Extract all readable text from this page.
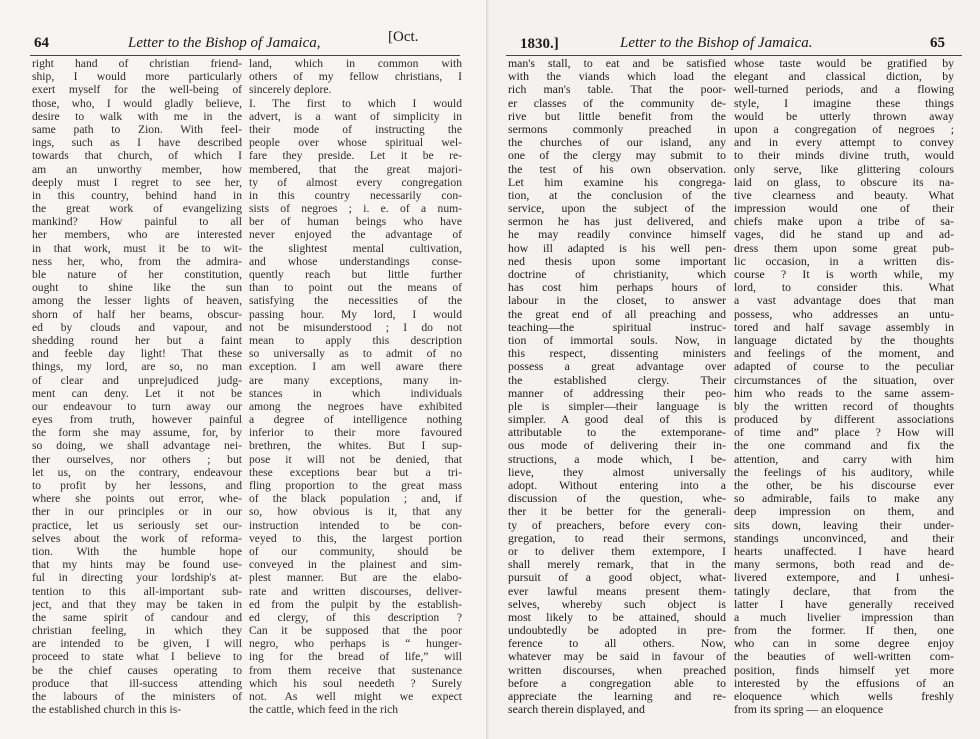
64	Letter to the Bishop of Jamaica,	[Oct.
right hand of christian friend-
ship, I would more particularly
exert myself for the well-being of
those, who, I would gladly believe,
desire to walk with me in the
same path to Zion. With feel-
ings, such as I have described
towards that church, of which I
am an unworthy member, how
deeply must I regret to see her,
in this country, behind hand in
the great work of evangelizing
mankind? How painful to all
her members, who are interested
in that work, must it be to wit-
ness her, who, from the admira-
ble nature of her constitution,
ought to shine like the sun
among the lesser lights of heaven,
shorn of half her beams, obscur-
ed by clouds and vapour, and
shedding round her but a faint
and feeble day light! That these
things, my lord, are so, no man
of clear and unprejudiced judg-
ment can deny. Let it not be
our endeavour to turn away our
eyes from truth, however painful
the form she may assume, for, by
so doing, we shall advantage nei-
ther ourselves, nor others ; but
let us, on the contrary, endeavour
to profit by her lessons, and
where she points out error, whe-
ther in our principles or in our
practice, let us seriously set our-
selves about the work of reforma-
tion. With the humble hope
that my hints may be found use-
ful in directing your lordship's at-
tention to this all-important sub-
ject, and that they may be taken in
the same spirit of candour and
christian feeling, in which they
are intended to be given, I will
proceed to state what I believe to
be the chief causes operating to
produce that ill-success attending
the labours of the ministers of
the established church in this is-
land, which in common with
others of my fellow christians, I
sincerely deplore.
I. The first to which I would
advert, is a want of simplicity in
their mode of instructing the
people over whose spiritual wel-
fare they preside. Let it be re-
membered, that the great majori-
ty of almost every congregation
in this country necessarily con-
sists of negroes ; i. e. of a num-
ber of human beings who have
never enjoyed the advantage of
the slightest mental cultivation,
and whose understandings conse-
quently reach but little further
than to point out the means of
satisfying the necessities of the
passing hour. My lord, I would
not be misunderstood ; I do not
mean to apply this description
so universally as to admit of no
exception. I am well aware there
are many exceptions, many in-
stances in which individuals
among the negroes have exhibited
a degree of intelligence nothing
inferior to their more favoured
brethren, the whites. But I sup-
pose it will not be denied, that
these exceptions bear but a tri-
fling proportion to the great mass
of the black population ; and, if
so, how obvious is it, that any
instruction intended to be con-
veyed to this, the largest portion
of our community, should be
conveyed in the plainest and sim-
plest manner. But are the elabo-
rate and written discourses, deliver-
ed from the pulpit by the establish-
ed clergy, of this description ?
Can it be supposed that the poor
negro, who perhaps is “ hunger-
ing for the bread of life,” will
from them receive that sustenance
which his soul needeth ? Surely
not. As well might we expect
the cattle, which feed in the rich
1830.]	Letter to the Bishop of Jamaica.	65
man's stall, to eat and be satisfied
with the viands which load the
rich man's table. That the poor-
er classes of the community de-
rive but little benefit from the
sermons commonly preached in
the churches of our island, any
one of the clergy may submit to
the test of his own observation.
Let him examine his congrega-
tion, at the conclusion of the
service, upon the subject of the
sermon he has just delivered, and
he may readily convince himself
how ill adapted is his well pen-
ned thesis upon some important
doctrine of christianity, which
has cost him perhaps hours of
labour in the closet, to answer
the great end of all preaching and
teaching—the spiritual instruc-
tion of immortal souls. Now, in
this respect, dissenting ministers
possess a great advantage over
the established clergy. Their
manner of addressing their peo-
ple is simpler—their language is
simpler. A good deal of this is
attributable to the extemporane-
ous mode of delivering their in-
structions, a mode which, I be-
lieve, they almost universally
adopt. Without entering into a
discussion of the question, whe-
ther it be better for the generali-
ty of preachers, before every con-
gregation, to read their sermons,
or to deliver them extempore, I
shall merely remark, that in the
pursuit of a good object, what-
ever lawful means present them-
selves, whereby such object is
most likely to be attained, should
undoubtedly be adopted in pre-
ference to all others. Now,
whatever may be said in favour of
written discourses, when preached
before a congregation able to
appreciate the learning and re-
search therein displayed, and
whose taste would be gratified by
elegant and classical diction, by
well-turned periods, and a flowing
style, I imagine these things
would be utterly thrown away
upon a congregation of negroes ;
and in every attempt to convey
to their minds divine truth, would
only serve, like glittering colours
laid on glass, to obscure its na-
tive clearness and beauty. What
impression would one of their
chiefs make upon a tribe of sa-
vages, did he stand up and ad-
dress them upon some great pub-
lic occasion, in a written dis-
course ? It is worth while, my
lord, to consider this. What
a vast advantage does that man
possess, who addresses an untu-
tored and half savage assembly in
language dictated by the thoughts
and feelings of the moment, and
adapted of course to the peculiar
circumstances of the situation, over
him who reads to the same assem-
bly the written record of thoughts
produced by different associations
of time and” place ? How will
the one command and fix the
attention, and carry with him
the feelings of his auditory, while
the other, be his discourse ever
so admirable, fails to make any
deep impression on them, and
sits down, leaving their under-
standings unconvinced, and their
hearts unaffected. I have heard
many sermons, both read and de-
livered extempore, and I unhesi-
tatingly declare, that from the
latter I have generally received
a much livelier impression than
from the former. If then, one
who can in some degree enjoy
the beauties of well-written com-
position, finds himself yet more
interested by the effusions of an
eloquence which wells freshly
from its spring — an eloquence
